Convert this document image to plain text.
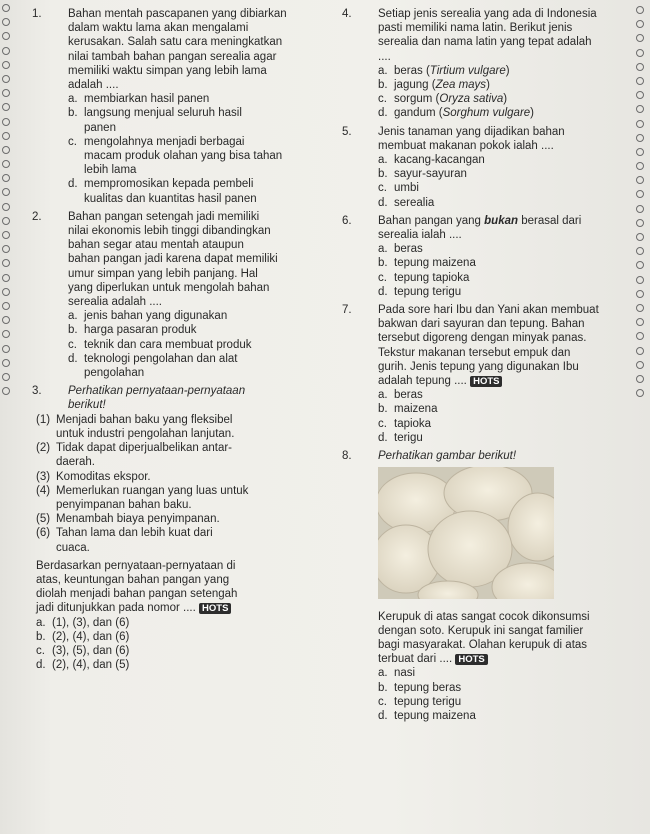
1. Bahan mentah pascapanen yang dibiarkan
dalam waktu lama akan mengalami
kerusakan. Salah satu cara meningkatkan
nilai tambah bahan pangan serealia agar
memiliki waktu simpan yang lebih lama
adalah ....
a. membiarkan hasil panen
b. langsung menjual seluruh hasil
panen
c. mengolahnya menjadi berbagai
macam produk olahan yang bisa tahan
lebih lama
d. mempromosikan kepada pembeli
kualitas dan kuantitas hasil panen
2. Bahan pangan setengah jadi memiliki
nilai ekonomis lebih tinggi dibandingkan
bahan segar atau mentah ataupun
bahan pangan jadi karena dapat memiliki
umur simpan yang lebih panjang. Hal
yang diperlukan untuk mengolah bahan
serealia adalah ....
a. jenis bahan yang digunakan
b. harga pasaran produk
c. teknik dan cara membuat produk
d. teknologi pengolahan dan alat
pengolahan
3. Perhatikan pernyataan-pernyataan
berikut!
(1) Menjadi bahan baku yang fleksibel
untuk industri pengolahan lanjutan.
(2) Tidak dapat diperjualbelikan antar-
daerah.
(3) Komoditas ekspor.
(4) Memerlukan ruangan yang luas untuk
penyimpanan bahan baku.
(5) Menambah biaya penyimpanan.
(6) Tahan lama dan lebih kuat dari
cuaca.
Berdasarkan pernyataan-pernyataan di
atas, keuntungan bahan pangan yang
diolah menjadi bahan pangan setengah
jadi ditunjukkan pada nomor .... HOTS
a. (1), (3), dan (6)
b. (2), (4), dan (6)
c. (3), (5), dan (6)
d. (2), (4), dan (5)
4. Setiap jenis serealia yang ada di Indonesia
pasti memiliki nama latin. Berikut jenis
serealia dan nama latin yang tepat adalah
....
a. beras (Tirtium vulgare)
b. jagung (Zea mays)
c. sorgum (Oryza sativa)
d. gandum (Sorghum vulgare)
5. Jenis tanaman yang dijadikan bahan
membuat makanan pokok ialah ....
a. kacang-kacangan
b. sayur-sayuran
c. umbi
d. serealia
6. Bahan pangan yang bukan berasal dari
serealia ialah ....
a. beras
b. tepung maizena
c. tepung tapioka
d. tepung terigu
7. Pada sore hari Ibu dan Yani akan membuat
bakwan dari sayuran dan tepung. Bahan
tersebut digoreng dengan minyak panas.
Tekstur makanan tersebut empuk dan
gurih. Jenis tepung yang digunakan Ibu
adalah tepung .... HOTS
a. beras
b. maizena
c. tapioka
d. terigu
8. Perhatikan gambar berikut!
Kerupuk di atas sangat cocok dikonsumsi
dengan soto. Kerupuk ini sangat familier
bagi masyarakat. Olahan kerupuk di atas
terbuat dari .... HOTS
a. nasi
b. tepung beras
c. tepung terigu
d. tepung maizena
